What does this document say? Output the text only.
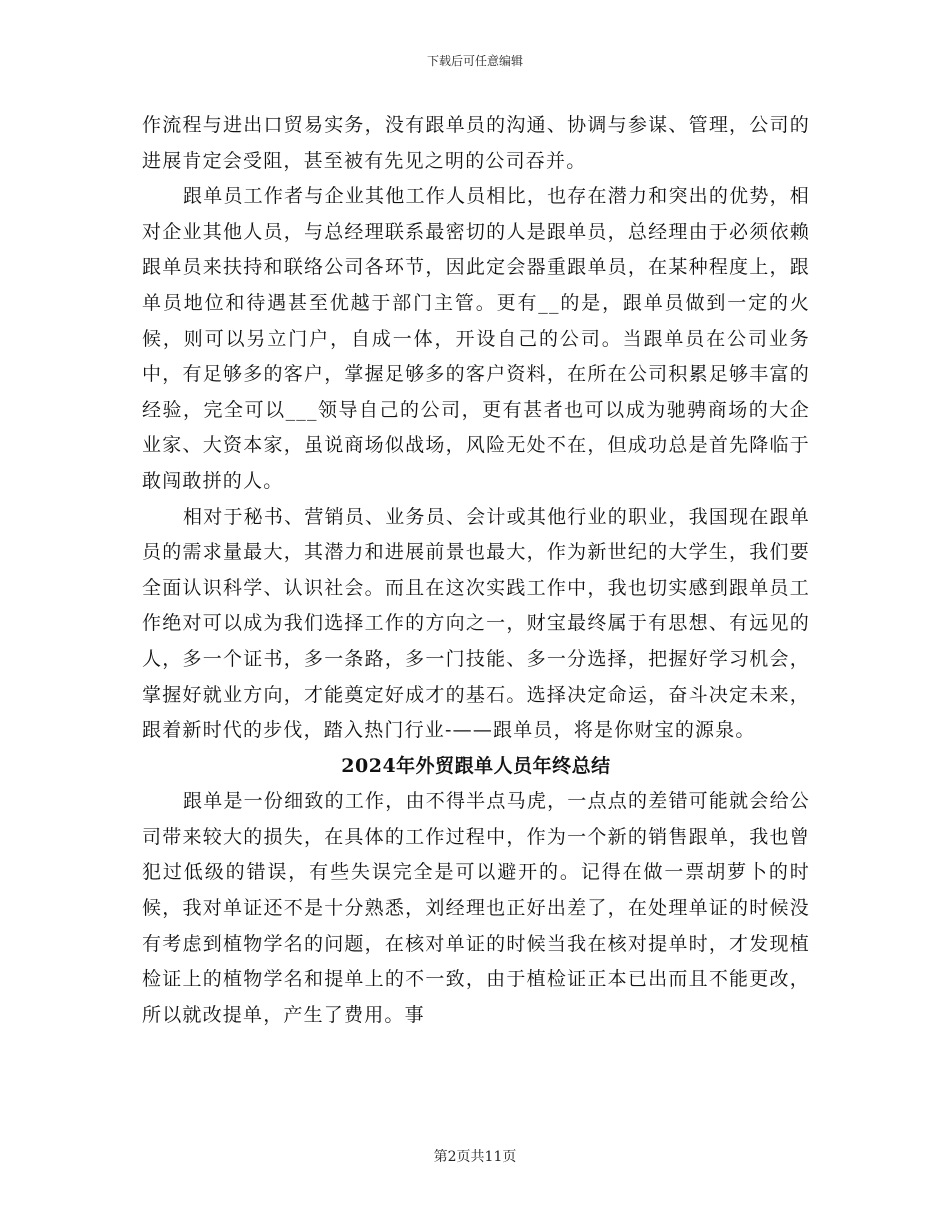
下载后可任意编辑

作流程与进出口贸易实务，没有跟单员的沟通、协调与参谋、管理，公司的进展肯定会受阻，甚至被有先见之明的公司吞并。

跟单员工作者与企业其他工作人员相比，也存在潜力和突出的优势，相对企业其他人员，与总经理联系最密切的人是跟单员，总经理由于必须依赖跟单员来扶持和联络公司各环节，因此定会器重跟单员，在某种程度上，跟单员地位和待遇甚至优越于部门主管。更有__的是，跟单员做到一定的火候，则可以另立门户，自成一体，开设自己的公司。当跟单员在公司业务中，有足够多的客户，掌握足够多的客户资料，在所在公司积累足够丰富的经验，完全可以___领导自己的公司，更有甚者也可以成为驰骋商场的大企业家、大资本家，虽说商场似战场，风险无处不在，但成功总是首先降临于敢闯敢拼的人。

相对于秘书、营销员、业务员、会计或其他行业的职业，我国现在跟单员的需求量最大，其潜力和进展前景也最大，作为新世纪的大学生，我们要全面认识科学、认识社会。而且在这次实践工作中，我也切实感到跟单员工作绝对可以成为我们选择工作的方向之一，财宝最终属于有思想、有远见的人，多一个证书，多一条路，多一门技能、多一分选择，把握好学习机会，掌握好就业方向，才能奠定好成才的基石。选择决定命运，奋斗决定未来，跟着新时代的步伐，踏入热门行业-——跟单员，将是你财宝的源泉。

2024年外贸跟单人员年终总结

跟单是一份细致的工作，由不得半点马虎，一点点的差错可能就会给公司带来较大的损失，在具体的工作过程中，作为一个新的销售跟单，我也曾犯过低级的错误，有些失误完全是可以避开的。记得在做一票胡萝卜的时候，我对单证还不是十分熟悉，刘经理也正好出差了，在处理单证的时候没有考虑到植物学名的问题，在核对单证的时候当我在核对提单时，才发现植检证上的植物学名和提单上的不一致，由于植检证正本已出而且不能更改，所以就改提单，产生了费用。事

第2页共11页
